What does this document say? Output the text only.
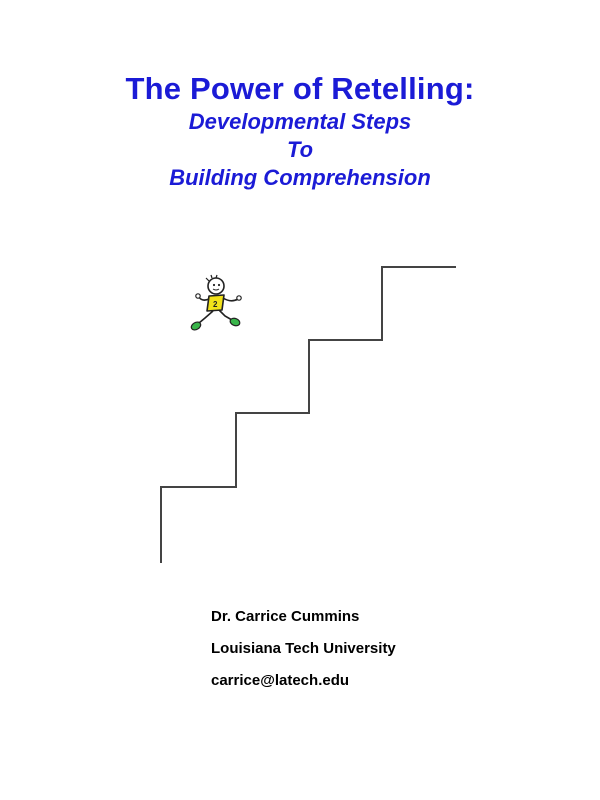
The Power of Retelling:

Developmental Steps

To

Building Comprehension

2

Dr. Carrice Cummins

Louisiana Tech University

carrice@latech.edu
